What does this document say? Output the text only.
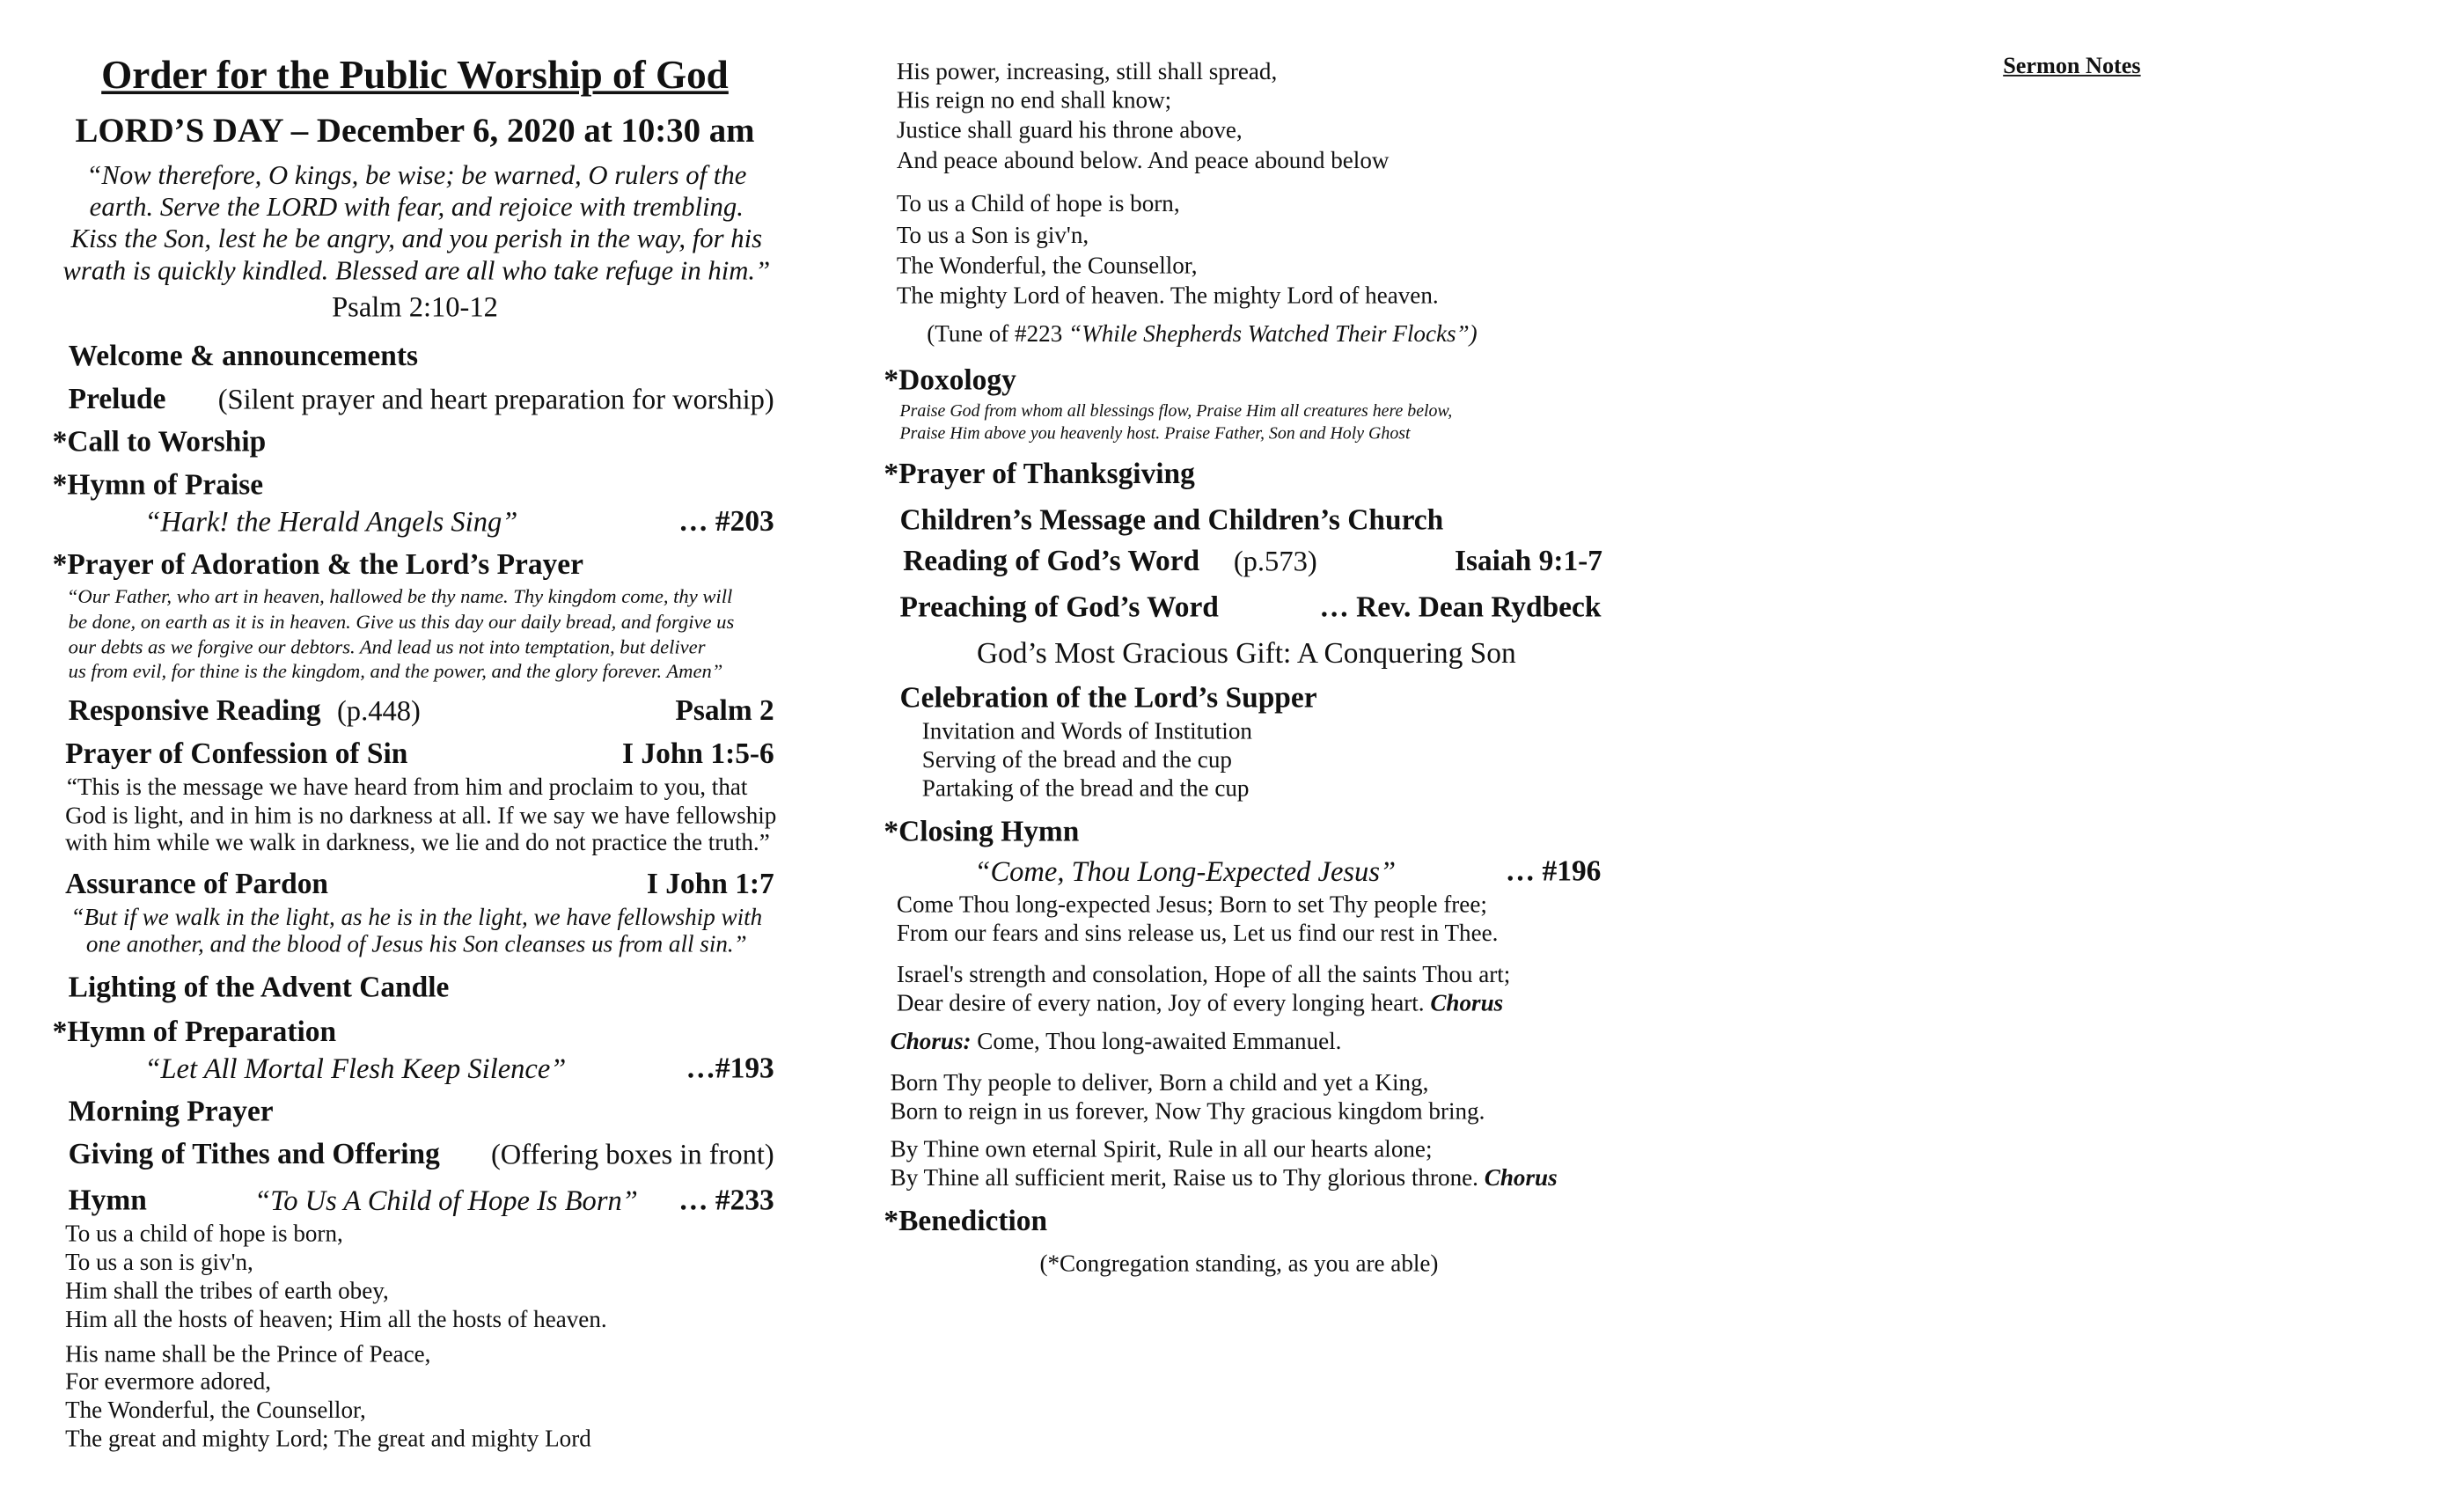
Order for the Public Worship of God
LORD’S DAY – December 6, 2020 at 10:30 am
“Now therefore, O kings, be wise; be warned, O rulers of the
earth. Serve the LORD with fear, and rejoice with trembling.
Kiss the Son, lest he be angry, and you perish in the way, for his
wrath is quickly kindled. Blessed are all who take refuge in him.”
Psalm 2:10-12
Welcome & announcements
Prelude	(Silent prayer and heart preparation for worship)
*Call to Worship
*Hymn of Praise
“Hark! the Herald Angels Sing”	… #203
*Prayer of Adoration & the Lord’s Prayer
“Our Father, who art in heaven, hallowed be thy name. Thy kingdom come, thy will
be done, on earth as it is in heaven. Give us this day our daily bread, and forgive us
our debts as we forgive our debtors. And lead us not into temptation, but deliver
us from evil, for thine is the kingdom, and the power, and the glory forever. Amen”
Responsive Reading (p.448)	Psalm 2
Prayer of Confession of Sin	I John 1:5-6
“This is the message we have heard from him and proclaim to you, that
God is light, and in him is no darkness at all. If we say we have fellowship
with him while we walk in darkness, we lie and do not practice the truth.”
Assurance of Pardon	I John 1:7
“But if we walk in the light, as he is in the light, we have fellowship with
one another, and the blood of Jesus his Son cleanses us from all sin.”
Lighting of the Advent Candle
*Hymn of Preparation
“Let All Mortal Flesh Keep Silence”	…#193
Morning Prayer
Giving of Tithes and Offering	(Offering boxes in front)
Hymn	“To Us A Child of Hope Is Born”	… #233
To us a child of hope is born,
To us a son is giv'n,
Him shall the tribes of earth obey,
Him all the hosts of heaven; Him all the hosts of heaven.
His name shall be the Prince of Peace,
For evermore adored,
The Wonderful, the Counsellor,
The great and mighty Lord; The great and mighty Lord
His power, increasing, still shall spread,
His reign no end shall know;
Justice shall guard his throne above,
And peace abound below. And peace abound below
To us a Child of hope is born,
To us a Son is giv'n,
The Wonderful, the Counsellor,
The mighty Lord of heaven. The mighty Lord of heaven.
(Tune of #223 “While Shepherds Watched Their Flocks”)
*Doxology
Praise God from whom all blessings flow, Praise Him all creatures here below,
Praise Him above you heavenly host. Praise Father, Son and Holy Ghost
*Prayer of Thanksgiving
Children’s Message and Children’s Church
Reading of God’s Word (p.573)	Isaiah 9:1-7
Preaching of God’s Word	… Rev. Dean Rydbeck
God’s Most Gracious Gift: A Conquering Son
Celebration of the Lord’s Supper
Invitation and Words of Institution
Serving of the bread and the cup
Partaking of the bread and the cup
*Closing Hymn
“Come, Thou Long-Expected Jesus”	… #196
Come Thou long-expected Jesus; Born to set Thy people free;
From our fears and sins release us, Let us find our rest in Thee.
Israel's strength and consolation, Hope of all the saints Thou art;
Dear desire of every nation, Joy of every longing heart. Chorus
Chorus: Come, Thou long-awaited Emmanuel.
Born Thy people to deliver, Born a child and yet a King,
Born to reign in us forever, Now Thy gracious kingdom bring.
By Thine own eternal Spirit, Rule in all our hearts alone;
By Thine all sufficient merit, Raise us to Thy glorious throne. Chorus
*Benediction
(*Congregation standing, as you are able)
Sermon Notes
